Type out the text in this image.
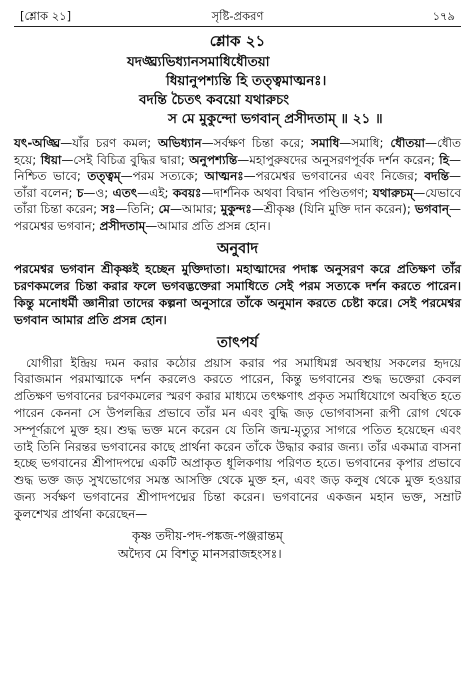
[শ্লোক ২১]	সৃষ্টি-প্রকরণ	১৭৯
শ্লোক ২১
যদঙ্ঘ্র্যভিধ্যানসমাধিধৌতয়া
ধিয়ানুপশ্যন্তি হি তত্ত্বমাত্মনঃ।
বদন্তি চৈতৎ কবয়ো যথারুচং
স মে মুকুন্দো ভগবান্ প্রসীদতাম্ ॥ ২১ ॥

যৎ-অঙ্ঘ্রি—যাঁর চরণ কমল; অভিধ্যান—সর্বক্ষণ চিন্তা করে; সমাধি—সমাধি; ধৌতয়া—ধৌত হয়ে; ধিয়া—সেই বিচিত্র বুদ্ধির দ্বারা; অনুপশ্যন্তি—মহাপুরুষদের অনুসরণপূর্বক দর্শন করেন; হি—নিশ্চিত ভাবে; তত্ত্বম্—পরম সত্যকে; আত্মনঃ—পরমেশ্বর ভগবানের এবং নিজের; বদন্তি—তাঁরা বলেন; চ—ও; এতৎ—এই; কবয়ঃ—দার্শনিক অথবা বিদ্বান পণ্ডিতগণ; যথারুচম্—যেভাবে তাঁরা চিন্তা করেন; সঃ—তিনি; মে—আমার; মুকুন্দঃ—শ্রীকৃষ্ণ (যিনি মুক্তি দান করেন); ভগবান্—পরমেশ্বর ভগবান; প্রসীদতাম্—আমার প্রতি প্রসন্ন হোন।

অনুবাদ

পরমেশ্বর ভগবান শ্রীকৃষ্ণই হচ্ছেন মুক্তিদাতা। মহাত্মাদের পদাঙ্ক অনুসরণ করে প্রতিক্ষণ তাঁর চরণকমলের চিন্তা করার ফলে ভগবদ্ভক্তেরা সমাধিতে সেই পরম সত্যকে দর্শন করতে পারেন। কিন্তু মনোধর্মী জ্ঞানীরা তাদের কল্পনা অনুসারে তাঁকে অনুমান করতে চেষ্টা করে। সেই পরমেশ্বর ভগবান আমার প্রতি প্রসন্ন হোন।

তাৎপর্য

যোগীরা ইন্দ্রিয় দমন করার কঠোর প্রয়াস করার পর সমাধিমগ্ন অবস্থায় সকলের হৃদয়ে বিরাজমান পরমাত্মাকে দর্শন করলেও করতে পারেন, কিন্তু ভগবানের শুদ্ধ ভক্তেরা কেবল প্রতিক্ষণ ভগবানের চরণকমলের স্মরণ করার মাধ্যমে তৎক্ষণাৎ প্রকৃত সমাধিযোগে অবস্থিত হতে পারেন কেননা সে উপলব্ধির প্রভাবে তাঁর মন এবং বুদ্ধি জড় ভোগবাসনা রূপী রোগ থেকে সম্পূর্ণরূপে মুক্ত হয়। শুদ্ধ ভক্ত মনে করেন যে তিনি জন্ম-মৃত্যুর সাগরে পতিত হয়েছেন এবং তাই তিনি নিরন্তর ভগবানের কাছে প্রার্থনা করেন তাঁকে উদ্ধার করার জন্য। তাঁর একমাত্র বাসনা হচ্ছে ভগবানের শ্রীপাদপদ্মে একটি অপ্রাকৃত ধূলিকণায় পরিণত হতে। ভগবানের কৃপার প্রভাবে শুদ্ধ ভক্ত জড় সুখভোগের সমস্ত আসক্তি থেকে মুক্ত হন, এবং জড় কলুষ থেকে মুক্ত হওয়ার জন্য সর্বক্ষণ ভগবানের শ্রীপাদপদ্মের চিন্তা করেন। ভগবানের একজন মহান ভক্ত, সম্রাট কুলশেখর প্রার্থনা করেছেন—

কৃষ্ণ তদীয়-পদ-পঙ্কজ-পঞ্জরান্তম্
অদ্যৈব মে বিশতু মানসরাজহংসঃ।
